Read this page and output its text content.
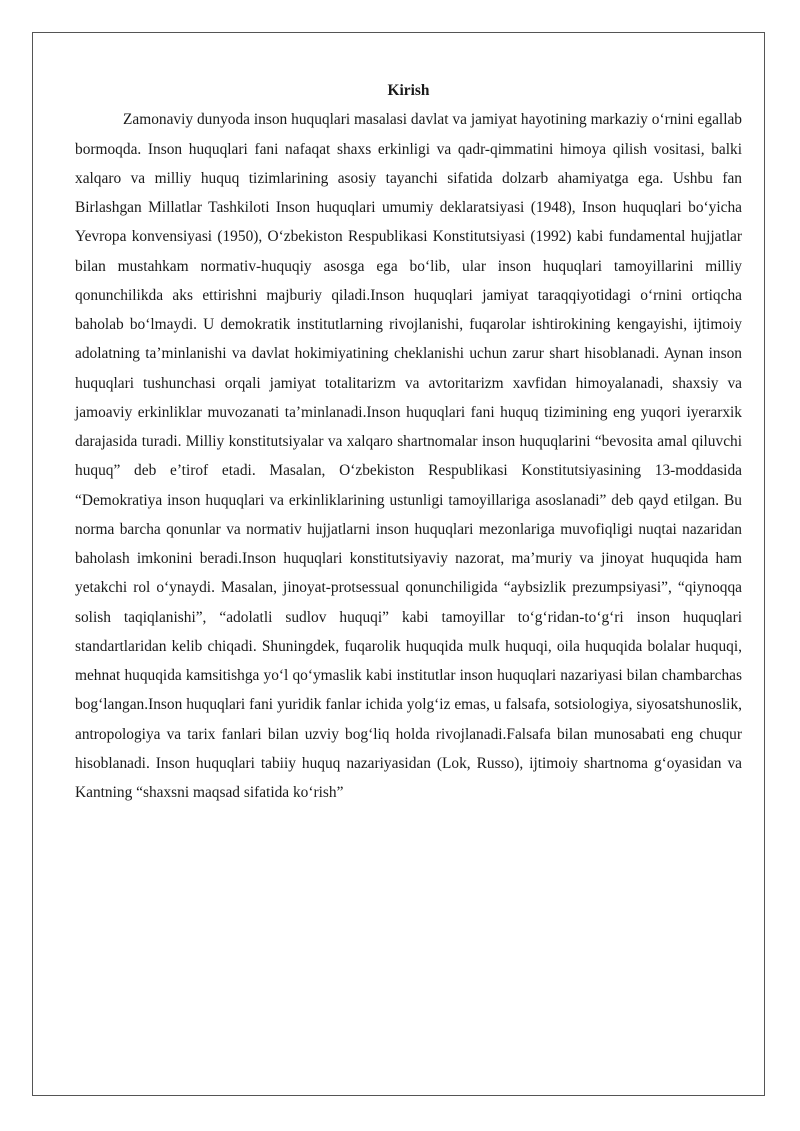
Kirish

Zamonaviy dunyoda inson huquqlari masalasi davlat va jamiyat hayotining markaziy o‘rnini egallab bormoqda. Inson huquqlari fani nafaqat shaxs erkinligi va qadr-qimmatini himoya qilish vositasi, balki xalqaro va milliy huquq tizimlarining asosiy tayanchi sifatida dolzarb ahamiyatga ega. Ushbu fan Birlashgan Millatlar Tashkiloti Inson huquqlari umumiy deklaratsiyasi (1948), Inson huquqlari bo‘yicha Yevropa konvensiyasi (1950), O‘zbekiston Respublikasi Konstitutsiyasi (1992) kabi fundamental hujjatlar bilan mustahkam normativ-huquqiy asosga ega bo‘lib, ular inson huquqlari tamoyillarini milliy qonunchilikda aks ettirishni majburiy qiladi.Inson huquqlari jamiyat taraqqiyotidagi o‘rnini ortiqcha baholab bo‘lmaydi. U demokratik institutlarning rivojlanishi, fuqarolar ishtirokining kengayishi, ijtimoiy adolatning ta’minlanishi va davlat hokimiyatining cheklanishi uchun zarur shart hisoblanadi. Aynan inson huquqlari tushunchasi orqali jamiyat totalitarizm va avtoritarizm xavfidan himoyalanadi, shaxsiy va jamoaviy erkinliklar muvozanati ta’minlanadi.Inson huquqlari fani huquq tizimining eng yuqori iyerarxik darajasida turadi. Milliy konstitutsiyalar va xalqaro shartnomalar inson huquqlarini “bevosita amal qiluvchi huquq” deb e’tirof etadi. Masalan, O‘zbekiston Respublikasi Konstitutsiyasining 13-moddasida “Demokratiya inson huquqlari va erkinliklarining ustunligi tamoyillariga asoslanadi” deb qayd etilgan. Bu norma barcha qonunlar va normativ hujjatlarni inson huquqlari mezonlariga muvofiqligi nuqtai nazaridan baholash imkonini beradi.Inson huquqlari konstitutsiyaviy nazorat, ma’muriy va jinoyat huquqida ham yetakchi rol o‘ynaydi. Masalan, jinoyat-protsessual qonunchiligida “aybsizlik prezumpsiyasi”, “qiynoqqa solish taqiqlanishi”, “adolatli sudlov huquqi” kabi tamoyillar to‘g‘ridan-to‘g‘ri inson huquqlari standartlaridan kelib chiqadi. Shuningdek, fuqarolik huquqida mulk huquqi, oila huquqida bolalar huquqi, mehnat huquqida kamsitishga yo‘l qo‘ymaslik kabi institutlar inson huquqlari nazariyasi bilan chambarchas bog‘langan.Inson huquqlari fani yuridik fanlar ichida yolg‘iz emas, u falsafa, sotsiologiya, siyosatshunoslik, antropologiya va tarix fanlari bilan uzviy bog‘liq holda rivojlanadi.Falsafa bilan munosabati eng chuqur hisoblanadi. Inson huquqlari tabiiy huquq nazariyasidan (Lok, Russo), ijtimoiy shartnoma g‘oyasidan va Kantning “shaxsni maqsad sifatida ko‘rish”
